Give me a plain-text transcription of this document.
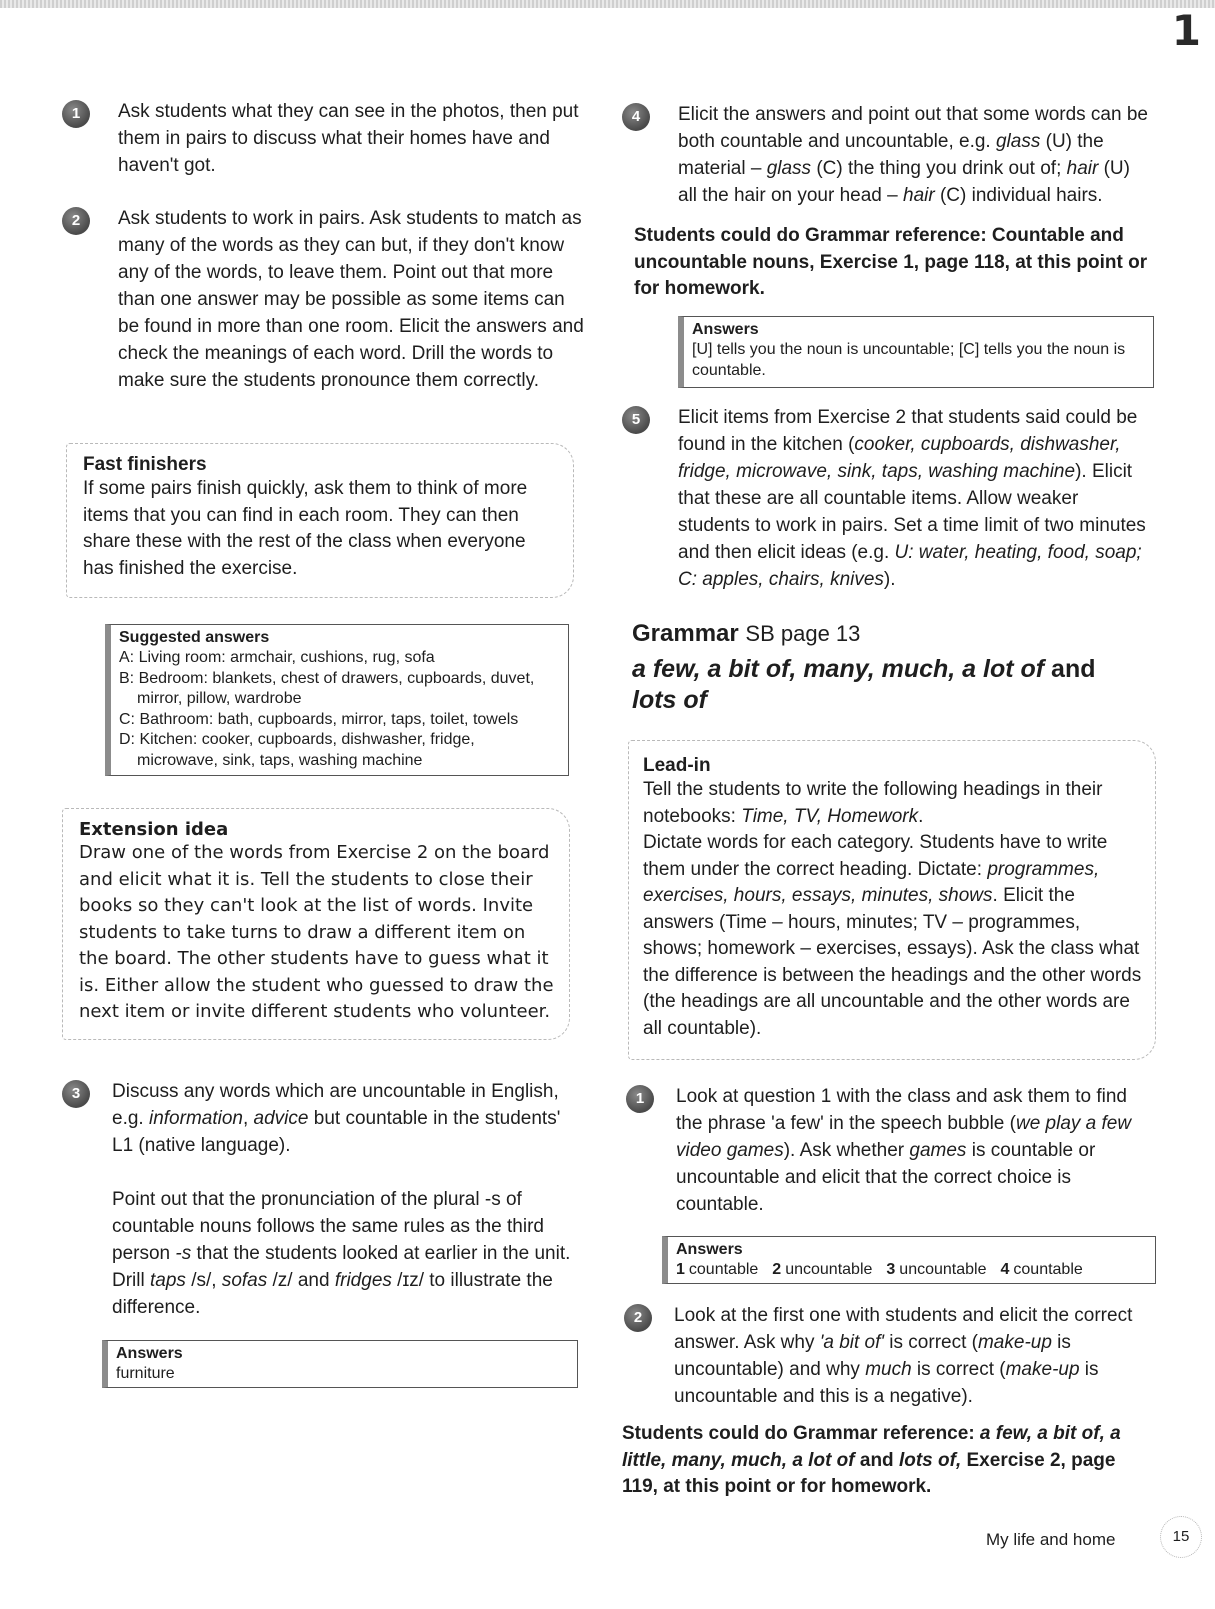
1
1	Ask students what they can see in the photos, then put them in pairs to discuss what their homes have and haven't got.

2	Ask students to work in pairs. Ask students to match as many of the words as they can but, if they don't know any of the words, to leave them. Point out that more than one answer may be possible as some items can be found in more than one room. Elicit the answers and check the meanings of each word. Drill the words to make sure the students pronounce them correctly.

Fast finishers

If some pairs finish quickly, ask them to think of more items that you can find in each room. They can then share these with the rest of the class when everyone has finished the exercise.

Suggested answers
A: Living room: armchair, cushions, rug, sofa
B: Bedroom: blankets, chest of drawers, cupboards, duvet, mirror, pillow, wardrobe
C: Bathroom: bath, cupboards, mirror, taps, toilet, towels
D: Kitchen: cooker, cupboards, dishwasher, fridge, microwave, sink, taps, washing machine
Extension idea

Draw one of the words from Exercise 2 on the board and elicit what it is. Tell the students to close their books so they can't look at the list of words. Invite students to take turns to draw a different item on the board. The other students have to guess what it is. Either allow the student who guessed to draw the next item or invite different students who volunteer.

3	Discuss any words which are uncountable in English, e.g. information, advice but countable in the students' L1 (native language).

Point out that the pronunciation of the plural -s of countable nouns follows the same rules as the third person -s that the students looked at earlier in the unit. Drill taps /s/, sofas /z/ and fridges /ɪz/ to illustrate the difference.

Answers
furniture
4	Elicit the answers and point out that some words can be both countable and uncountable, e.g. glass (U) the material – glass (C) the thing you drink out of; hair (U) all the hair on your head – hair (C) individual hairs.

Students could do Grammar reference: Countable and uncountable nouns, Exercise 1, page 118, at this point or for homework.

Answers
[U] tells you the noun is uncountable; [C] tells you the noun is countable.
5	Elicit items from Exercise 2 that students said could be found in the kitchen (cooker, cupboards, dishwasher, fridge, microwave, sink, taps, washing machine). Elicit that these are all countable items. Allow weaker students to work in pairs. Set a time limit of two minutes and then elicit ideas (e.g. U: water, heating, food, soap; C: apples, chairs, knives).

Grammar SB page 13
a few, a bit of, many, much, a lot of and
lots of
Lead-in

Tell the students to write the following headings in their notebooks: Time, TV, Homework.
Dictate words for each category. Students have to write them under the correct heading. Dictate: programmes, exercises, hours, essays, minutes, shows. Elicit the answers (Time – hours, minutes; TV – programmes, shows; homework – exercises, essays). Ask the class what the difference is between the headings and the other words (the headings are all uncountable and the other words are all countable).

1	Look at question 1 with the class and ask them to find the phrase 'a few' in the speech bubble (we play a few video games). Ask whether games is countable or uncountable and elicit that the correct choice is countable.

Answers
1 countable 2 uncountable 3 uncountable 4 countable
2	Look at the first one with students and elicit the correct answer. Ask why 'a bit of' is correct (make-up is uncountable) and why much is correct (make-up is uncountable and this is a negative).

Students could do Grammar reference: a few, a bit of, a little, many, much, a lot of and lots of, Exercise 2, page 119, at this point or for homework.

My life and home	15
